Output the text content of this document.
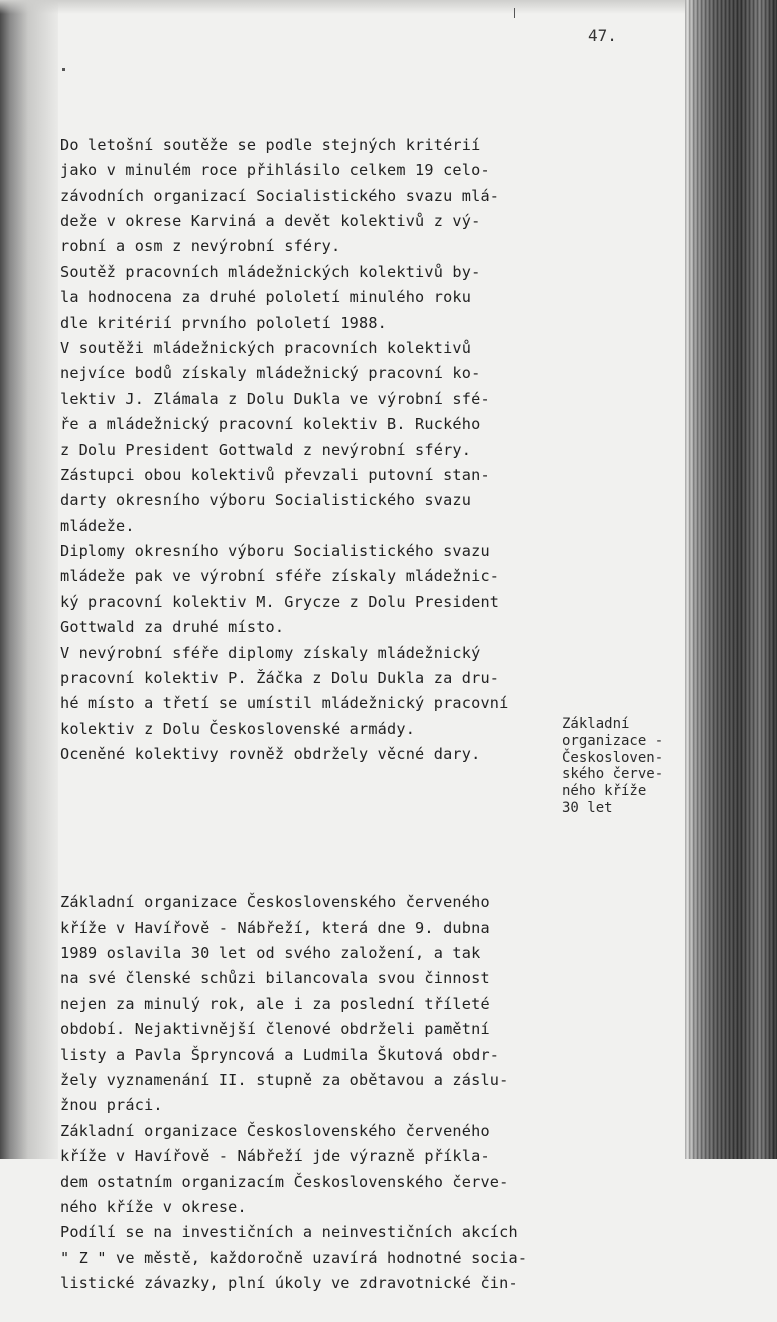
47.

Do letošní soutěže se podle stejných kritérií
jako v minulém roce přihlásilo celkem 19 celo-
závodních organizací Socialistického svazu mlá-
deže v okrese Karviná a devět kolektivů z vý-
robní a osm z nevýrobní sféry.
Soutěž pracovních mládežnických kolektivů by-
la hodnocena za druhé pololetí minulého roku
dle kritérií prvního pololetí 1988.
V soutěži mládežnických pracovních kolektivů
nejvíce bodů získaly mládežnický pracovní ko-
lektiv J. Zlámala z Dolu Dukla ve výrobní sfé-
ře a mládežnický pracovní kolektiv B. Ruckého
z Dolu President Gottwald z nevýrobní sféry.
Zástupci obou kolektivů převzali putovní stan-
darty okresního výboru Socialistického svazu
mládeže.
Diplomy okresního výboru Socialistického svazu
mládeže pak ve výrobní sféře získaly mládežnic-
ký pracovní kolektiv M. Grycze z Dolu President
Gottwald za druhé místo.
V nevýrobní sféře diplomy získaly mládežnický
pracovní kolektiv P. Žáčka z Dolu Dukla za dru-
hé místo a třetí se umístil mládežnický pracovní
kolektiv z Dolu Československé armády.
Oceněné kolektivy rovněž obdržely věcné dary.

Základní organizace Československého červeného
kříže v Havířově - Nábřeží, která dne 9. dubna
1989 oslavila 30 let od svého založení, a tak
na své členské schůzi bilancovala svou činnost
nejen za minulý rok, ale i za poslední tříleté
období. Nejaktivnější členové obdrželi pamětní
listy a Pavla Špryncová a Ludmila Škutová obdr-
žely vyznamenání II. stupně za obětavou a záslu-
žnou práci.
Základní organizace Československého červeného
kříže v Havířově - Nábřeží jde výrazně příkla-
dem ostatním organizacím Československého červe-
ného kříže v okrese.
Podílí se na investičních a neinvestičních akcích
" Z " ve městě, každoročně uzavírá hodnotné socia-
listické závazky, plní úkoly ve zdravotnické čin-

Základní
organizace -
Českosloven-
ského červe-
ného kříže
30 let
